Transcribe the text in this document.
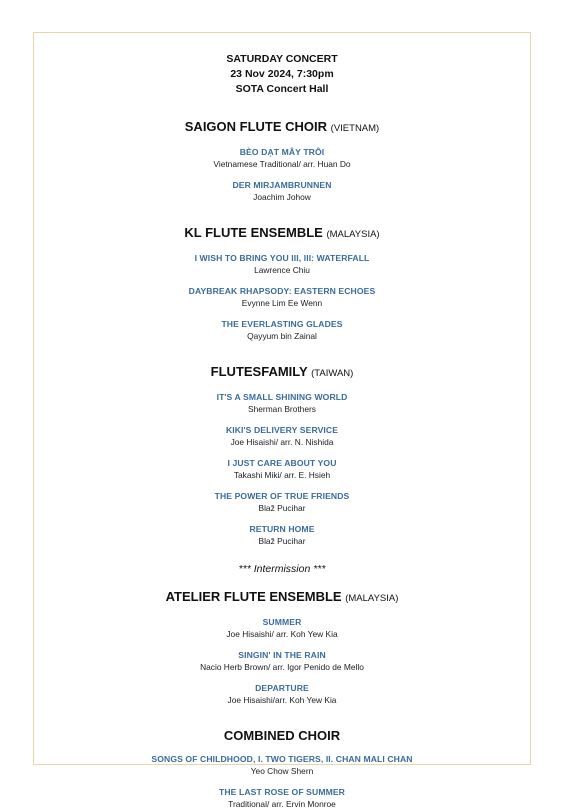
SATURDAY CONCERT
23 Nov 2024, 7:30pm
SOTA Concert Hall
SAIGON FLUTE CHOIR (VIETNAM)
BÈO DẠT MÂY TRÔI
Vietnamese Traditional/ arr. Huan Do
DER MIRJAMBRUNNEN
Joachim Johow
KL FLUTE ENSEMBLE (MALAYSIA)
I WISH TO BRING YOU III, III: WATERFALL
Lawrence Chiu
DAYBREAK RHAPSODY: EASTERN ECHOES
Evynne Lim Ee Wenn
THE EVERLASTING GLADES
Qayyum bin Zainal
FLUTESFAMILY (TAIWAN)
IT'S A SMALL SHINING WORLD
Sherman Brothers
KIKI'S DELIVERY SERVICE
Joe Hisaishi/ arr. N. Nishida
I JUST CARE ABOUT YOU
Takashi Miki/ arr. E. Hsieh
THE POWER OF TRUE FRIENDS
Blaž Pucihar
RETURN HOME
Blaž Pucihar
*** Intermission ***
ATELIER FLUTE ENSEMBLE (MALAYSIA)
SUMMER
Joe Hisaishi/ arr. Koh Yew Kia
SINGIN' IN THE RAIN
Nacio Herb Brown/ arr. Igor Penido de Mello
DEPARTURE
Joe Hisaishi/arr. Koh Yew Kia
COMBINED CHOIR
SONGS OF CHILDHOOD, I. TWO TIGERS, II. CHAN MALI CHAN
Yeo Chow Shern
THE LAST ROSE OF SUMMER
Traditional/ arr. Ervin Monroe
